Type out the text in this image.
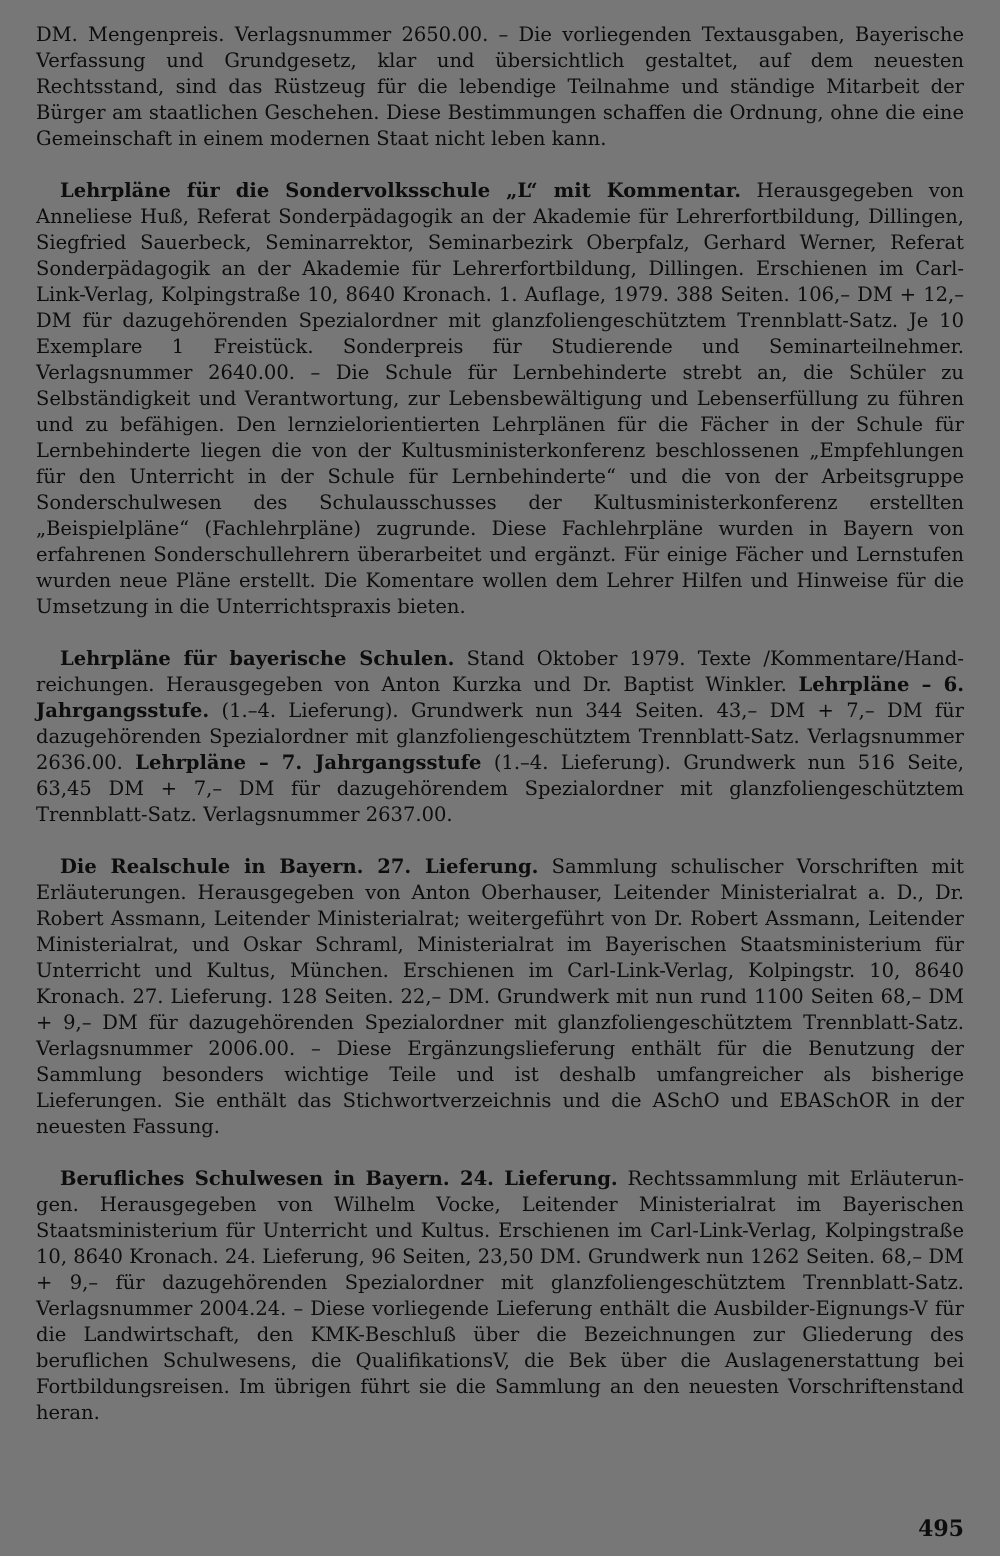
DM. Mengenpreis. Verlagsnummer 2650.00. – Die vorliegenden Textausgaben, Bayerische Verfassung und Grundgesetz, klar und übersichtlich gestaltet, auf dem neuesten Rechtsstand, sind das Rüstzeug für die lebendige Teilnahme und ständige Mitarbeit der Bürger am staatlichen Geschehen. Diese Bestimmungen schaffen die Ordnung, ohne die eine Gemeinschaft in einem modernen Staat nicht leben kann.

Lehrpläne für die Sondervolksschule „L“ mit Kommentar. Herausgegeben von Anneliese Huß, Referat Sonderpädagogik an der Akademie für Lehrerfortbildung, Dillingen, Siegfried Sauerbeck, Seminarrektor, Seminarbezirk Oberpfalz, Gerhard Werner, Referat Sonderpädagogik an der Akademie für Lehrerfortbildung, Dillingen. Erschienen im Carl-Link-Verlag, Kolpingstraße 10, 8640 Kronach. 1. Auflage, 1979. 388 Seiten. 106,– DM + 12,– DM für dazugehörenden Spezialordner mit glanzfoliengeschütztem Trennblatt-Satz. Je 10 Exemplare 1 Freistück. Sonderpreis für Studierende und Seminarteilnehmer. Verlagsnummer 2640.00. – Die Schule für Lernbehinderte strebt an, die Schüler zu Selbständigkeit und Verantwortung, zur Lebensbewältigung und Lebenserfüllung zu führen und zu befähigen. Den lernzielorientierten Lehrplänen für die Fächer in der Schule für Lernbehinderte liegen die von der Kultusministerkonferenz beschlossenen „Empfehlungen für den Unterricht in der Schule für Lernbehinderte“ und die von der Arbeitsgruppe Sonderschulwesen des Schulausschusses der Kultusministerkonferenz erstellten „Beispielpläne“ (Fachlehrpläne) zugrunde. Diese Fachlehrpläne wurden in Bayern von erfahrenen Sonderschullehrern überarbeitet und ergänzt. Für einige Fächer und Lernstufen wurden neue Pläne erstellt. Die Komentare wollen dem Lehrer Hilfen und Hinweise für die Umsetzung in die Unterrichtspraxis bieten.

Lehrpläne für bayerische Schulen. Stand Oktober 1979. Texte /Kommentare/Handreichungen. Herausgegeben von Anton Kurzka und Dr. Baptist Winkler. Lehrpläne – 6. Jahrgangsstufe. (1.–4. Lieferung). Grundwerk nun 344 Seiten. 43,– DM + 7,– DM für dazugehörenden Spezialordner mit glanzfoliengeschütztem Trennblatt-Satz. Verlagsnummer 2636.00. Lehrpläne – 7. Jahrgangsstufe (1.–4. Lieferung). Grundwerk nun 516 Seite, 63,45 DM + 7,– DM für dazugehörendem Spezialordner mit glanzfoliengeschütztem Trennblatt-Satz. Verlagsnummer 2637.00.

Die Realschule in Bayern. 27. Lieferung. Sammlung schulischer Vorschriften mit Erläuterungen. Herausgegeben von Anton Oberhauser, Leitender Ministerialrat a. D., Dr. Robert Assmann, Leitender Ministerialrat; weitergeführt von Dr. Robert Assmann, Leitender Ministerialrat, und Oskar Schraml, Ministerialrat im Bayerischen Staatsministerium für Unterricht und Kultus, München. Erschienen im Carl-Link-Verlag, Kolpingstr. 10, 8640 Kronach. 27. Lieferung. 128 Seiten. 22,– DM. Grundwerk mit nun rund 1100 Seiten 68,– DM + 9,– DM für dazugehörenden Spezialordner mit glanzfoliengeschütztem Trennblatt-Satz. Verlagsnummer 2006.00. – Diese Ergänzungslieferung enthält für die Benutzung der Sammlung besonders wichtige Teile und ist deshalb umfangreicher als bisherige Lieferungen. Sie enthält das Stichwortverzeichnis und die ASchO und EBASchOR in der neuesten Fassung.

Berufliches Schulwesen in Bayern. 24. Lieferung. Rechtssammlung mit Erläuterungen. Herausgegeben von Wilhelm Vocke, Leitender Ministerialrat im Bayerischen Staatsministerium für Unterricht und Kultus. Erschienen im Carl-Link-Verlag, Kolpingstraße 10, 8640 Kronach. 24. Lieferung, 96 Seiten, 23,50 DM. Grundwerk nun 1262 Seiten. 68,– DM + 9,– für dazugehörenden Spezialordner mit glanzfoliengeschütztem Trennblatt-Satz. Verlagsnummer 2004.24. – Diese vorliegende Lieferung enthält die Ausbilder-Eignungs-V für die Landwirtschaft, den KMK-Beschluß über die Bezeichnungen zur Gliederung des beruflichen Schulwesens, die QualifikationsV, die Bek über die Auslagenerstattung bei Fortbildungsreisen. Im übrigen führt sie die Sammlung an den neuesten Vorschriftenstand heran.

495
